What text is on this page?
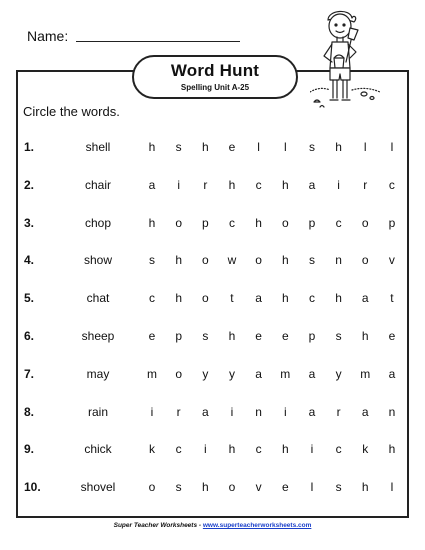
Name:
Word Hunt
Spelling Unit A-25
Circle the words.
1.	shell	h s h e	l	l	s h	l	l
2.	chair	a	i	r	h c h a	i	r	c
3.	chop	h o p c h o p c o p
4.	show	s h o w o h s n o v
5.	chat	c h o	t	a h c h a	t
6.	sheep	e p s h e e p s h e
7.	may	m o y y a m a y m a
8.	rain	i	r	a	i	n	i	a	r	a n
9.	chick	k c	i	h c h	i	c k h
10.	shovel	o s h o v e	l	s h	l
Super Teacher Worksheets - www.superteacherworksheets.com
